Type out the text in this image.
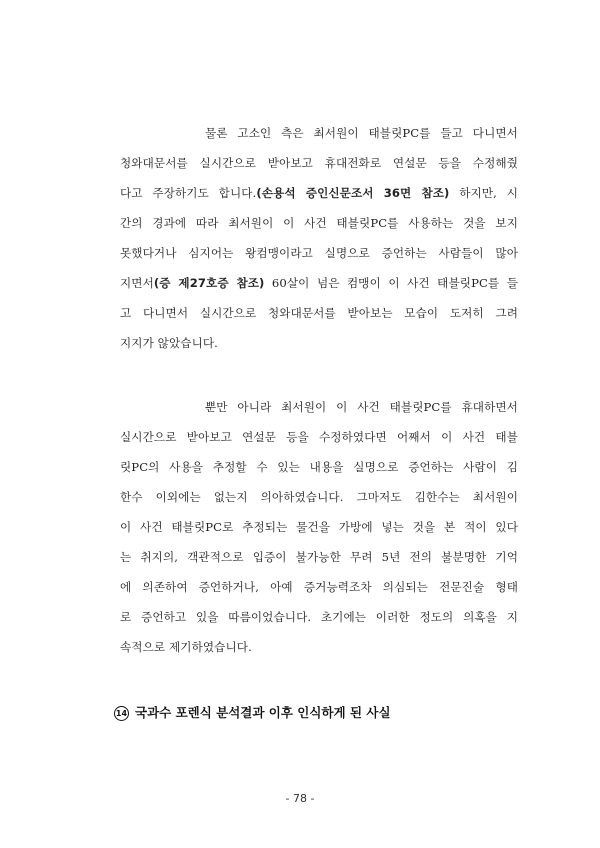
물론 고소인 측은 최서원이 태블릿PC를 들고 다니면서
청와대문서를 실시간으로 받아보고 휴대전화로 연설문 등을 수정해줬
다고 주장하기도 합니다.(손용석 증인신문조서 36면 참조) 하지만, 시
간의 경과에 따라 최서원이 이 사건 태블릿PC를 사용하는 것을 보지
못했다거나 심지어는 왕컴맹이라고 실명으로 증언하는 사람들이 많아
지면서(증 제27호증 참조) 60살이 넘은 컴맹이 이 사건 태블릿PC를 들
고 다니면서 실시간으로 청와대문서를 받아보는 모습이 도저히 그려
지지가 않았습니다.
뿐만 아니라 최서원이 이 사건 태블릿PC를 휴대하면서
실시간으로 받아보고 연설문 등을 수정하였다면 어째서 이 사건 태블
릿PC의 사용을 추정할 수 있는 내용을 실명으로 증언하는 사람이 김
한수 이외에는 없는지 의아하였습니다. 그마저도 김한수는 최서원이
이 사건 태블릿PC로 추정되는 물건을 가방에 넣는 것을 본 적이 있다
는 취지의, 객관적으로 입증이 불가능한 무려 5년 전의 불분명한 기억
에 의존하여 증언하거나, 아예 증거능력조차 의심되는 전문진술 형태
로 증언하고 있을 따름이었습니다. 초기에는 이러한 정도의 의혹을 지
속적으로 제기하였습니다.
14 국과수 포렌식 분석결과 이후 인식하게 된 사실
- 78 -
